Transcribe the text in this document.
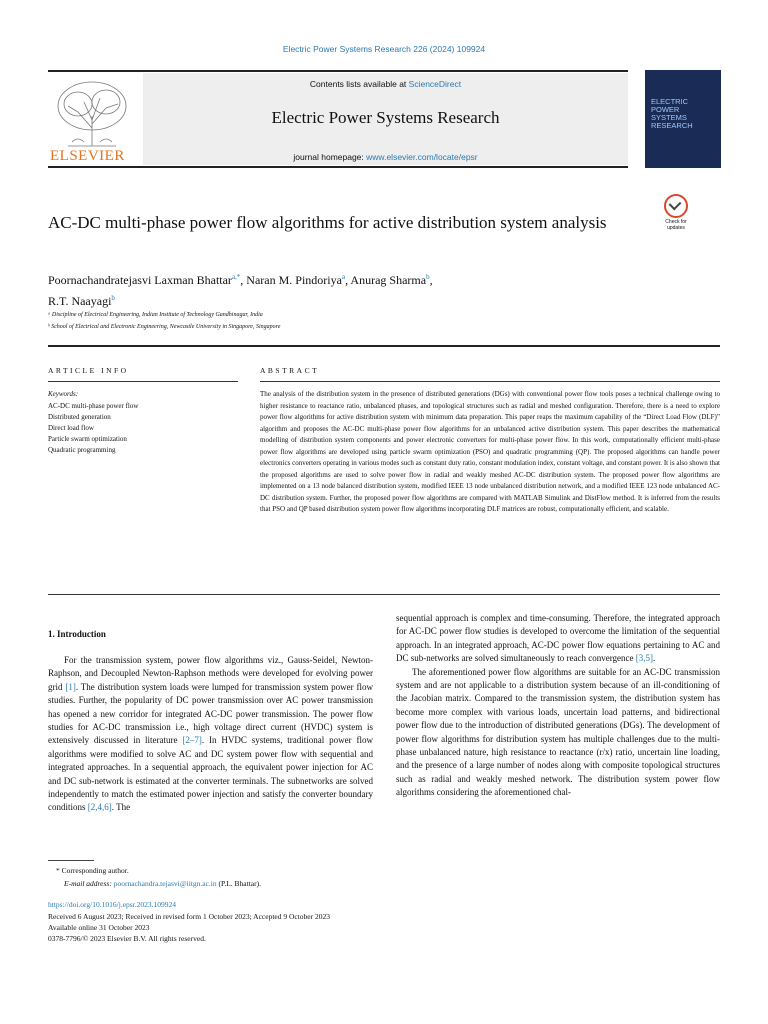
Electric Power Systems Research 226 (2024) 109924
ELSEVIER
Contents lists available at ScienceDirect
Electric Power Systems Research
journal homepage: www.elsevier.com/locate/epsr
ELECTRIC
POWER
SYSTEMS
RESEARCH
Check for
updates
AC-DC multi-phase power flow algorithms for active distribution system analysis
Poornachandratejasvi Laxman Bhattar$^{a,*}$, Naran M. Pindoriya$^a$, Anurag Sharma$^b$,
R.T. Naayagi$^b$
ᵃ Discipline of Electrical Engineering, Indian Institute of Technology Gandhinagar, India
ᵇ School of Electrical and Electronic Engineering, Newcastle University in Singapore, Singapore
ARTICLE INFO	ABSTRACT
Keywords:
AC-DC multi-phase power flow
Distributed generation
Direct load flow
Particle swarm optimization
Quadratic programming
The analysis of the distribution system in the presence of distributed generations (DGs) with conventional power flow tools poses a technical challenge owing to higher resistance to reactance ratio, unbalanced phases, and topological structures such as radial and meshed configuration. Therefore, there is a need to explore power flow algorithms for active distribution system with minimum data preparation. This paper reaps the maximum capability of the “Direct Load Flow (DLF)” algorithm and proposes the AC-DC multi-phase power flow algorithms for an unbalanced active distribution system. This paper describes the mathematical modelling of distribution system components and power electronic converters for multi-phase power flow. In this work, computationally efficient multi-phase power flow algorithms are developed using particle swarm optimization (PSO) and quadratic programming (QP). The proposed algorithms can handle power electronics converters operating in various modes such as constant duty ratio, constant modulation index, constant voltage, and constant power. It is also shown that the proposed algorithms are used to solve power flow in radial and weakly meshed AC-DC distribution system. The proposed power flow algorithms are implemented on a 13 node balanced distribution system, modified IEEE 13 node unbalanced distribution network, and a modified IEEE 123 node unbalanced AC-DC distribution system. Further, the proposed power flow algorithms are compared with MATLAB Simulink and DistFlow method. It is inferred from the results that PSO and QP based distribution system power flow algorithms incorporating DLF matrices are robust, computationally efficient, and scalable.
1. Introduction

For the transmission system, power flow algorithms viz., Gauss-Seidel, Newton-Raphson, and Decoupled Newton-Raphson methods were developed for evolving power grid [1]. The distribution system loads were lumped for transmission system power flow studies. Further, the popularity of DC power transmission over AC power transmission has opened a new corridor for integrated AC-DC power transmission. The power flow studies for AC-DC transmission i.e., high voltage direct current (HVDC) system is extensively discussed in literature [2–7]. In HVDC systems, traditional power flow algorithms were modified to solve AC and DC system power flow with sequential and integrated approaches. In a sequential approach, the equivalent power injection for AC and DC sub-network is estimated at the converter terminals. The subnetworks are solved independently to match the estimated power injection and satisfy the converter boundary conditions [2,4,6]. The

sequential approach is complex and time-consuming. Therefore, the integrated approach for AC-DC power flow studies is developed to overcome the limitation of the sequential approach. In an integrated approach, AC-DC power flow equations pertaining to AC and DC sub-networks are solved simultaneously to reach convergence [3,5].

The aforementioned power flow algorithms are suitable for an AC-DC transmission system and are not applicable to a distribution system because of an ill-conditioning of the Jacobian matrix. Compared to the transmission system, the distribution system has become more complex with various loads, uncertain load patterns, and bidirectional power flow due to the introduction of distributed generations (DGs). The development of power flow algorithms for distribution system has multiple challenges due to the multi-phase unbalanced nature, high resistance to reactance (r/x) ratio, uncertain line loading, and the presence of a large number of nodes along with composite topological structures such as radial and weakly meshed network. The distribution system power flow algorithms considering the aforementioned chal-

* Corresponding author.
E-mail address: poornachandra.tejasvi@iitgn.ac.in (P.L. Bhattar).
https://doi.org/10.1016/j.epsr.2023.109924
Received 6 August 2023; Received in revised form 1 October 2023; Accepted 9 October 2023
Available online 31 October 2023
0378-7796/© 2023 Elsevier B.V. All rights reserved.
